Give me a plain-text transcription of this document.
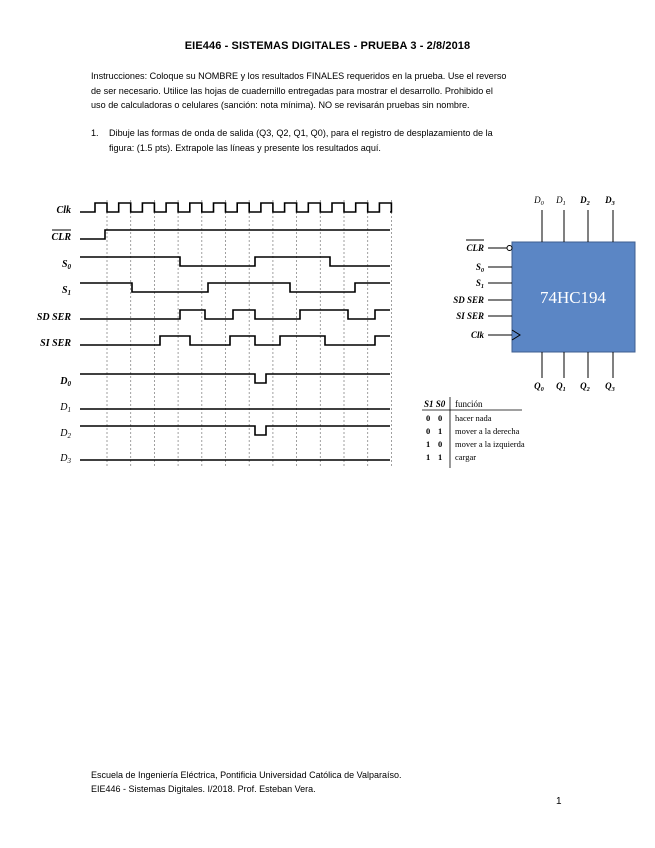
EIE446 - SISTEMAS DIGITALES - PRUEBA 3 - 2/8/2018
Instrucciones: Coloque su NOMBRE y los resultados FINALES requeridos en la prueba. Use el reverso
de ser necesario. Utilice las hojas de cuadernillo entregadas para mostrar el desarrollo. Prohibido el
uso de calculadoras o celulares (sanción: nota mínima). NO se revisarán pruebas sin nombre.
1. Dibuje las formas de onda de salida (Q3, Q2, Q1, Q0), para el registro de desplazamiento de la
figura: (1.5 pts). Extrapole las líneas y presente los resultados aquí.
Clk
CLR
$S_0$
$S_1$
SD SER
SI SER
$D_0$
$D_1$
$D_2$
$D_3$
74HC194
$D_0$ $D_1$ $D_2$ $D_3$
$Q_0$ $Q_1$ $Q_2$ $Q_3$
CLR
$S_0$
$S_1$
SD SER
SI SER
Clk
S1 S0 función
0 0 hacer nada
0 1 mover a la derecha
1 0 mover a la izquierda
1 1 cargar
Escuela de Ingeniería Eléctrica, Pontificia Universidad Católica de Valparaíso.
EIE446 - Sistemas Digitales. I/2018. Prof. Esteban Vera.
1
